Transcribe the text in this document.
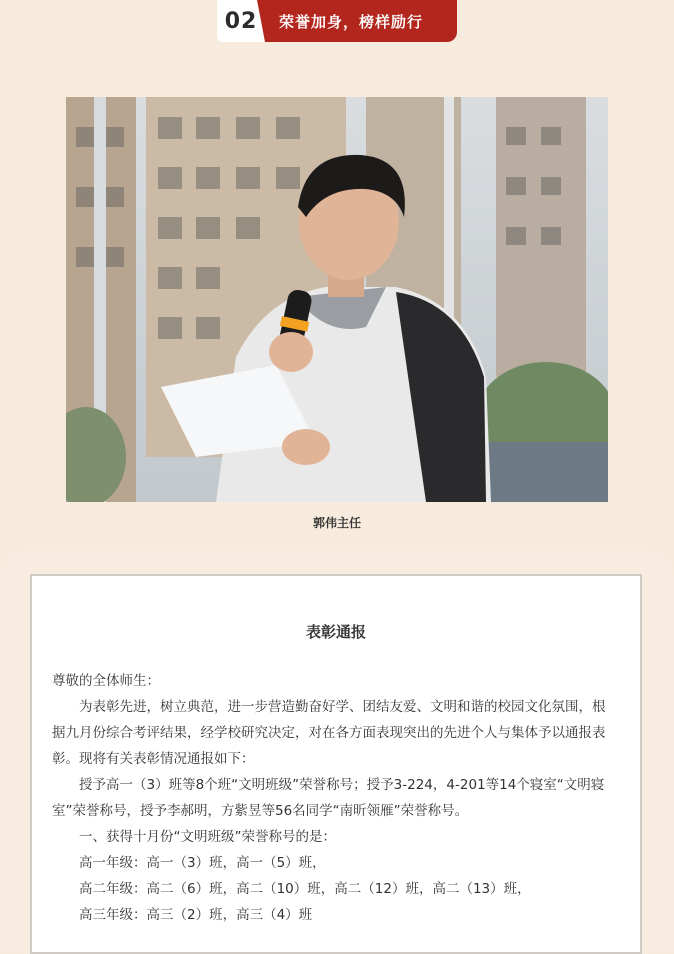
02	荣誉加身，榜样励行
郭伟主任
表彰通报

尊敬的全体师生：

为表彰先进，树立典范，进一步营造勤奋好学、团结友爱、文明和谐的校园文化氛围，根据九月份综合考评结果，经学校研究决定，对在各方面表现突出的先进个人与集体予以通报表彰。现将有关表彰情况通报如下：

授予高一（3）班等8个班“文明班级”荣誉称号；授予3-224，4-201等14个寝室“文明寝室”荣誉称号，授予李郝明，方紫昱等56名同学“南昕领雁”荣誉称号。

一、获得十月份“文明班级”荣誉称号的是：

高一年级：高一（3）班，高一（5）班，

高二年级：高二（6）班，高二（10）班，高二（12）班，高二（13）班，

高三年级：高三（2）班，高三（4）班
